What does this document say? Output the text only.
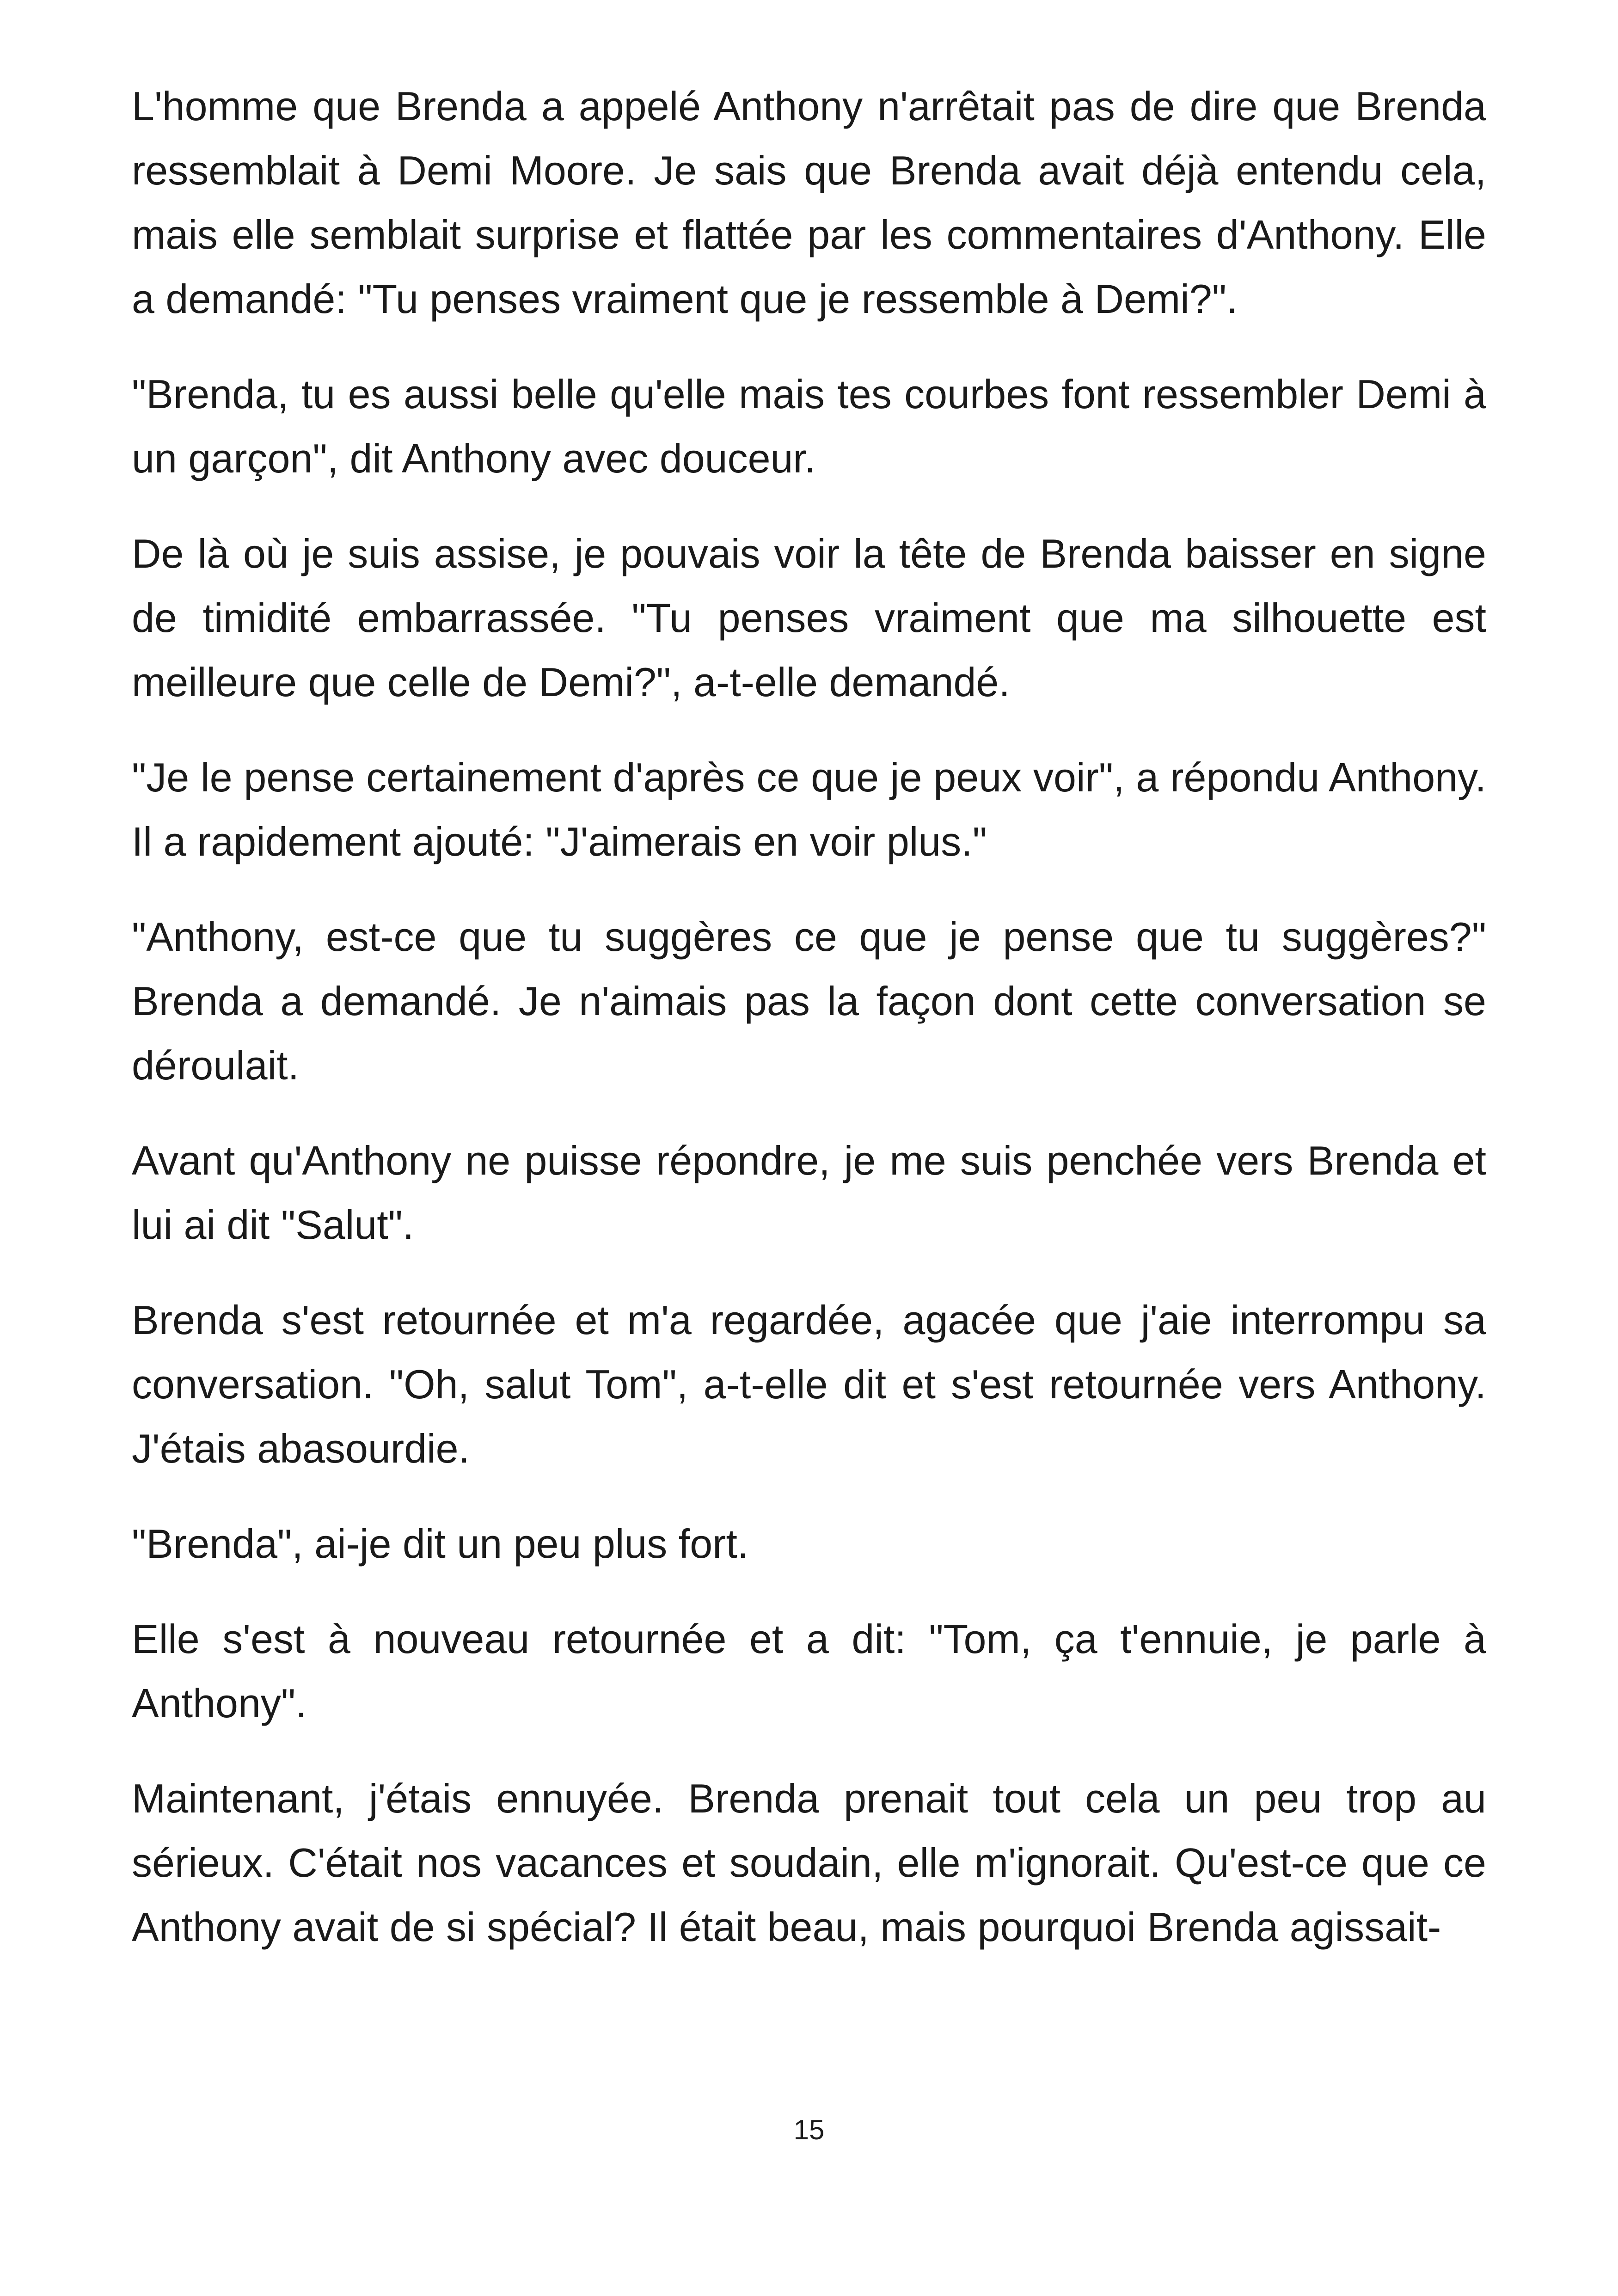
L'homme que Brenda a appelé Anthony n'arrêtait pas de dire que Brenda ressemblait à Demi Moore. Je sais que Brenda avait déjà entendu cela, mais elle semblait surprise et flattée par les commentaires d'Anthony. Elle a demandé: "Tu penses vraiment que je ressemble à Demi?".

"Brenda, tu es aussi belle qu'elle mais tes courbes font ressembler Demi à un garçon", dit Anthony avec douceur.

De là où je suis assise, je pouvais voir la tête de Brenda baisser en signe de timidité embarrassée. "Tu penses vraiment que ma silhouette est meilleure que celle de Demi?", a-t-elle demandé.

"Je le pense certainement d'après ce que je peux voir", a répondu Anthony. Il a rapidement ajouté: "J'aimerais en voir plus."

"Anthony, est-ce que tu suggères ce que je pense que tu suggères?" Brenda a demandé. Je n'aimais pas la façon dont cette conversation se déroulait.

Avant qu'Anthony ne puisse répondre, je me suis penchée vers Brenda et lui ai dit "Salut".

Brenda s'est retournée et m'a regardée, agacée que j'aie interrompu sa conversation. "Oh, salut Tom", a-t-elle dit et s'est retournée vers Anthony. J'étais abasourdie.

"Brenda", ai-je dit un peu plus fort.

Elle s'est à nouveau retournée et a dit: "Tom, ça t'ennuie, je parle à Anthony".

Maintenant, j'étais ennuyée. Brenda prenait tout cela un peu trop au sérieux. C'était nos vacances et soudain, elle m'ignorait. Qu'est-ce que ce Anthony avait de si spécial? Il était beau, mais pourquoi Brenda agissait-

15
